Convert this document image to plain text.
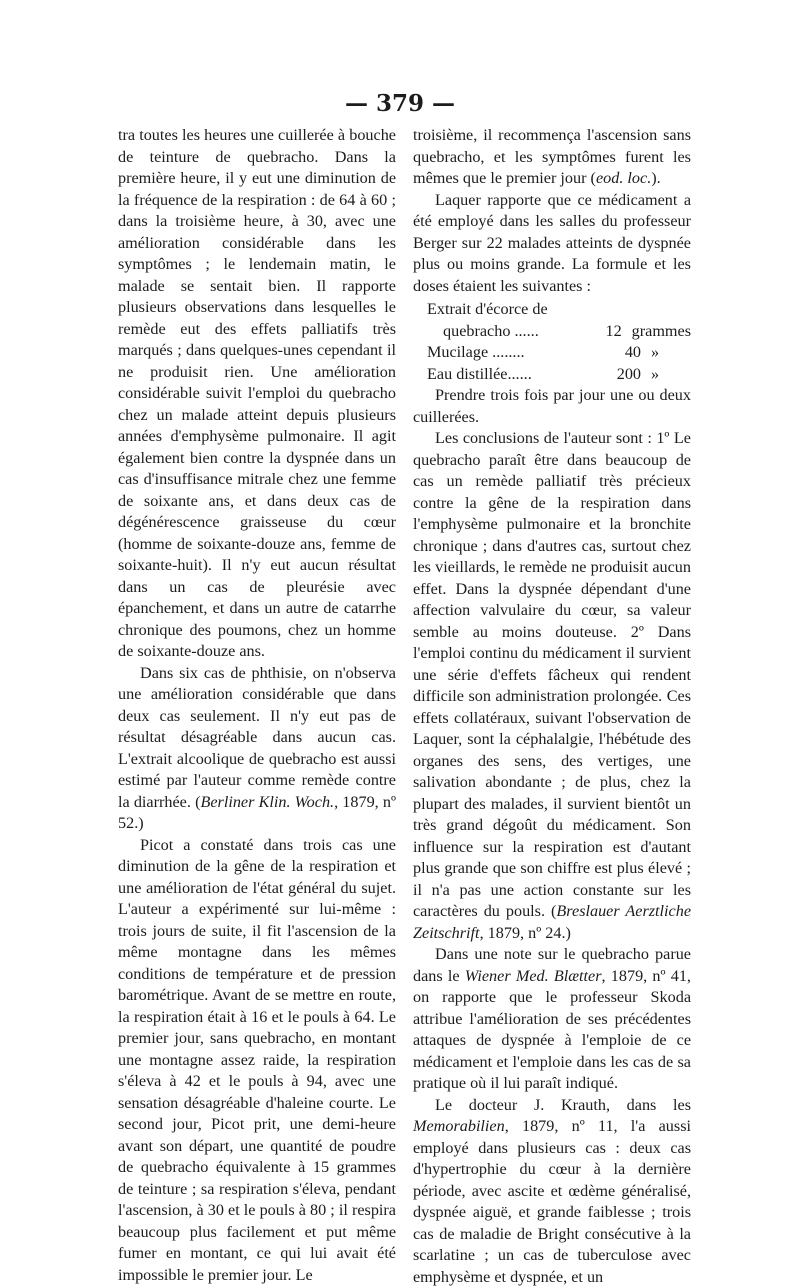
— 379 —

tra toutes les heures une cuillerée à bouche de teinture de quebracho. Dans la première heure, il y eut une diminution de la fréquence de la respiration : de 64 à 60 ; dans la troisième heure, à 30, avec une amélioration considérable dans les symptômes ; le lendemain matin, le malade se sentait bien. Il rapporte plusieurs observations dans lesquelles le remède eut des effets palliatifs très marqués ; dans quelques-unes cependant il ne produisit rien. Une amélioration considérable suivit l'emploi du quebracho chez un malade atteint depuis plusieurs années d'emphysème pulmonaire. Il agit également bien contre la dyspnée dans un cas d'insuffisance mitrale chez une femme de soixante ans, et dans deux cas de dégénérescence graisseuse du cœur (homme de soixante-douze ans, femme de soixante-huit). Il n'y eut aucun résultat dans un cas de pleurésie avec épanchement, et dans un autre de catarrhe chronique des poumons, chez un homme de soixante-douze ans.

Dans six cas de phthisie, on n'observa une amélioration considérable que dans deux cas seulement. Il n'y eut pas de résultat désagréable dans aucun cas. L'extrait alcoolique de quebracho est aussi estimé par l'auteur comme remède contre la diarrhée. (Berliner Klin. Woch., 1879, nº 52.)

Picot a constaté dans trois cas une diminution de la gêne de la respiration et une amélioration de l'état général du sujet. L'auteur a expérimenté sur lui-même : trois jours de suite, il fit l'ascension de la même montagne dans les mêmes conditions de température et de pression barométrique. Avant de se mettre en route, la respiration était à 16 et le pouls à 64. Le premier jour, sans quebracho, en montant une montagne assez raide, la respiration s'éleva à 42 et le pouls à 94, avec une sensation désagréable d'haleine courte. Le second jour, Picot prit, une demi-heure avant son départ, une quantité de poudre de quebracho équivalente à 15 grammes de teinture ; sa respiration s'éleva, pendant l'ascension, à 30 et le pouls à 80 ; il respira beaucoup plus facilement et put même fumer en montant, ce qui lui avait été impossible le premier jour. Le

troisième, il recommença l'ascension sans quebracho, et les symptômes furent les mêmes que le premier jour (eod. loc.).

Laquer rapporte que ce médicament a été employé dans les salles du professeur Berger sur 22 malades atteints de dyspnée plus ou moins grande. La formule et les doses étaient les suivantes :

Extrait d'écorce de
quebracho ......	12 grammes
Mucilage ........	40 »
Eau distillée......	200 »

Prendre trois fois par jour une ou deux cuillerées.

Les conclusions de l'auteur sont : 1º Le quebracho paraît être dans beaucoup de cas un remède palliatif très précieux contre la gêne de la respiration dans l'emphysème pulmonaire et la bronchite chronique ; dans d'autres cas, surtout chez les vieillards, le remède ne produisit aucun effet. Dans la dyspnée dépendant d'une affection valvulaire du cœur, sa valeur semble au moins douteuse. 2º Dans l'emploi continu du médicament il survient une série d'effets fâcheux qui rendent difficile son administration prolongée. Ces effets collatéraux, suivant l'observation de Laquer, sont la céphalalgie, l'hébétude des organes des sens, des vertiges, une salivation abondante ; de plus, chez la plupart des malades, il survient bientôt un très grand dégoût du médicament. Son influence sur la respiration est d'autant plus grande que son chiffre est plus élevé ; il n'a pas une action constante sur les caractères du pouls. (Breslauer Aerztliche Zeitschrift, 1879, nº 24.)

Dans une note sur le quebracho parue dans le Wiener Med. Blætter, 1879, nº 41, on rapporte que le professeur Skoda attribue l'amélioration de ses précédentes attaques de dyspnée à l'emploie de ce médicament et l'emploie dans les cas de sa pratique où il lui paraît indiqué.

Le docteur J. Krauth, dans les Memorabilien, 1879, nº 11, l'a aussi employé dans plusieurs cas : deux cas d'hypertrophie du cœur à la dernière période, avec ascite et œdème généralisé, dyspnée aiguë, et grande faiblesse ; trois cas de maladie de Bright consécutive à la scarlatine ; un cas de tuberculose avec emphysème et dyspnée, et un
